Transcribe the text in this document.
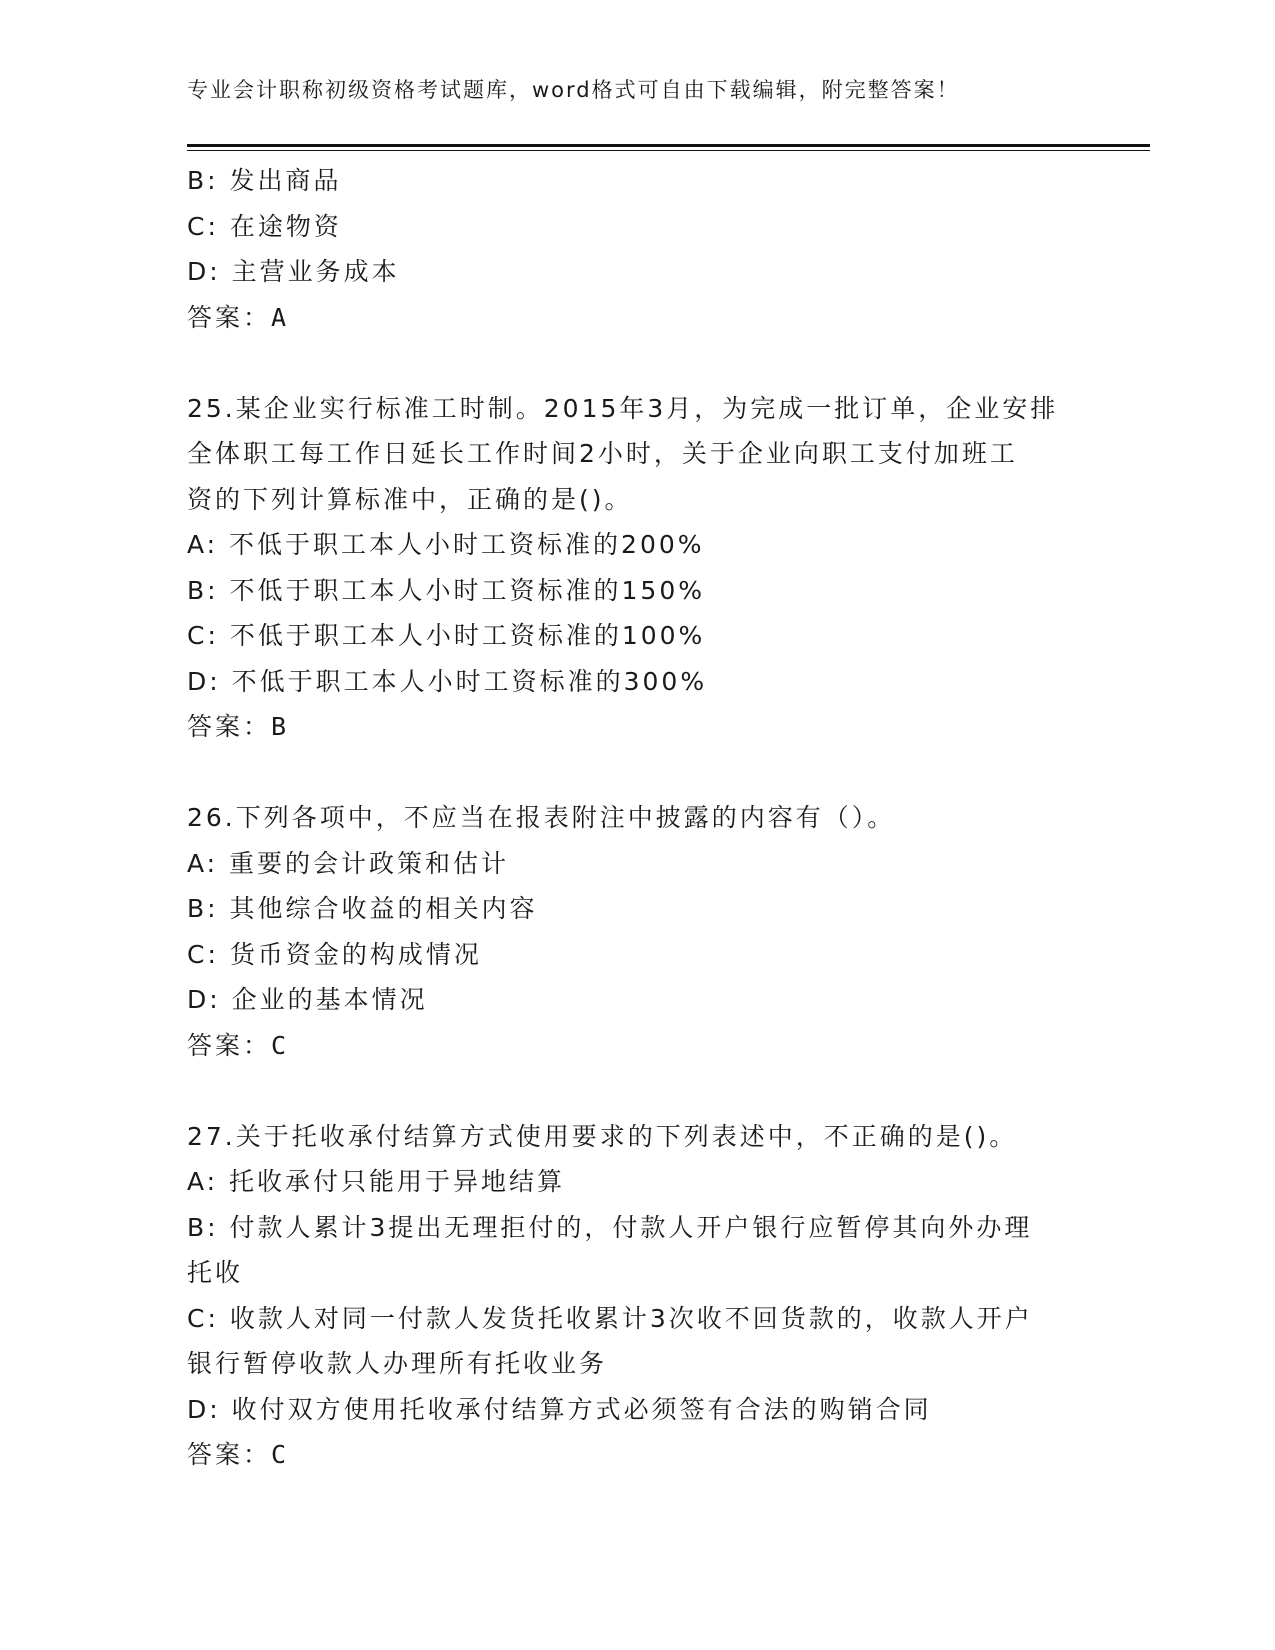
专业会计职称初级资格考试题库，word格式可自由下载编辑，附完整答案！
B: 发出商品
C: 在途物资
D: 主营业务成本
答案：A
25.某企业实行标准工时制。2015年3月，为完成一批订单，企业安排
全体职工每工作日延长工作时间2小时，关于企业向职工支付加班工
资的下列计算标准中，正确的是()。
A: 不低于职工本人小时工资标准的200%
B: 不低于职工本人小时工资标准的150%
C: 不低于职工本人小时工资标准的100%
D: 不低于职工本人小时工资标准的300%
答案：B
26.下列各项中，不应当在报表附注中披露的内容有（）。
A: 重要的会计政策和估计
B: 其他综合收益的相关内容
C: 货币资金的构成情况
D: 企业的基本情况
答案：C
27.关于托收承付结算方式使用要求的下列表述中，不正确的是()。
A: 托收承付只能用于异地结算
B: 付款人累计3提出无理拒付的，付款人开户银行应暂停其向外办理
托收
C: 收款人对同一付款人发货托收累计3次收不回货款的，收款人开户
银行暂停收款人办理所有托收业务
D: 收付双方使用托收承付结算方式必须签有合法的购销合同
答案：C
